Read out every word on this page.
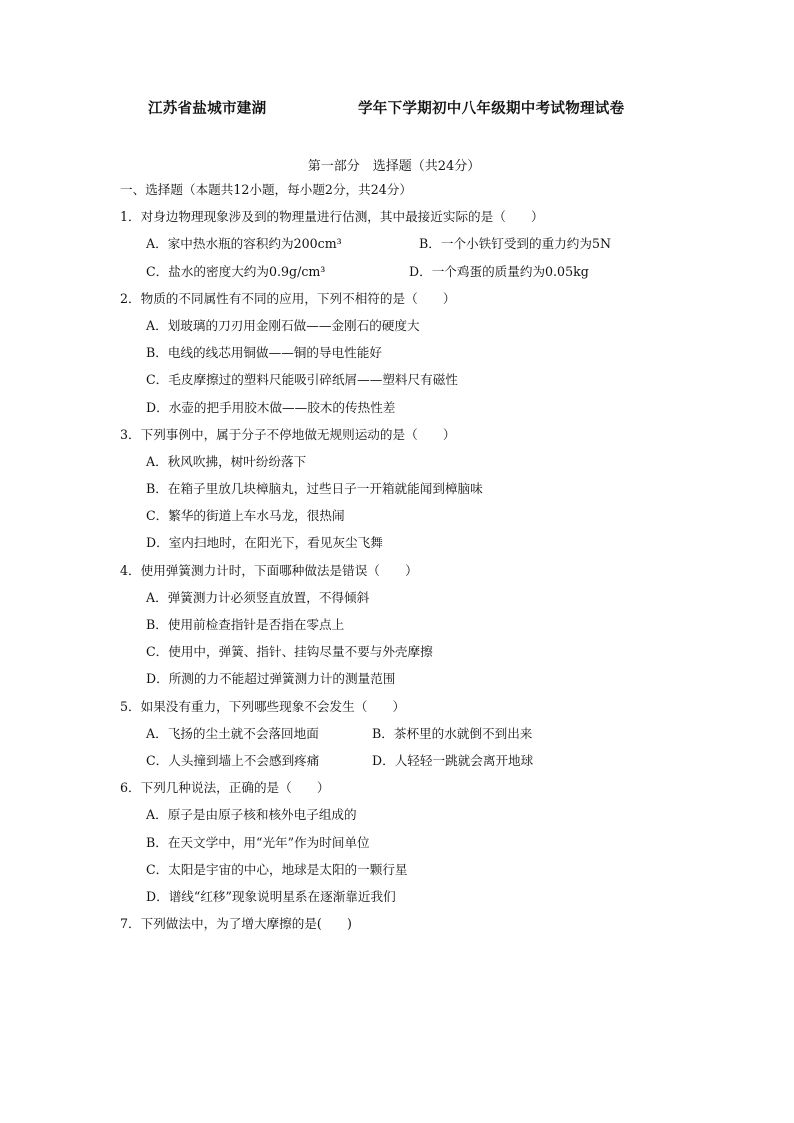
江苏省盐城市建湖	学年下学期初中八年级期中考试物理试卷
第一部分　选择题（共24分）
一、选择题（本题共12小题，每小题2分，共24分）
1．对身边物理现象涉及到的物理量进行估测，其中最接近实际的是（　　）
A．家中热水瓶的容积约为200cm³	B．一个小铁钉受到的重力约为5N
C．盐水的密度大约为0.9g/cm³	D．一个鸡蛋的质量约为0.05kg
2．物质的不同属性有不同的应用，下列不相符的是（　　）
A．划玻璃的刀刃用金刚石做——金刚石的硬度大
B．电线的线芯用铜做——铜的导电性能好
C．毛皮摩擦过的塑料尺能吸引碎纸屑——塑料尺有磁性
D．水壶的把手用胶木做——胶木的传热性差
3．下列事例中，属于分子不停地做无规则运动的是（　　）
A．秋风吹拂，树叶纷纷落下
B．在箱子里放几块樟脑丸，过些日子一开箱就能闻到樟脑味
C．繁华的街道上车水马龙，很热闹
D．室内扫地时，在阳光下，看见灰尘飞舞
4．使用弹簧测力计时，下面哪种做法是错误（　　）
A．弹簧测力计必须竖直放置，不得倾斜
B．使用前检查指针是否指在零点上
C．使用中，弹簧、指针、挂钩尽量不要与外壳摩擦
D．所测的力不能超过弹簧测力计的测量范围
5．如果没有重力，下列哪些现象不会发生（　　）
A．飞扬的尘土就不会落回地面	B．茶杯里的水就倒不到出来
C．人头撞到墙上不会感到疼痛	D．人轻轻一跳就会离开地球
6．下列几种说法，正确的是（　　）
A．原子是由原子核和核外电子组成的
B．在天文学中，用“光年”作为时间单位
C．太阳是宇宙的中心，地球是太阳的一颗行星
D．谱线“红移”现象说明星系在逐渐靠近我们
7．下列做法中，为了增大摩擦的是(　　)
